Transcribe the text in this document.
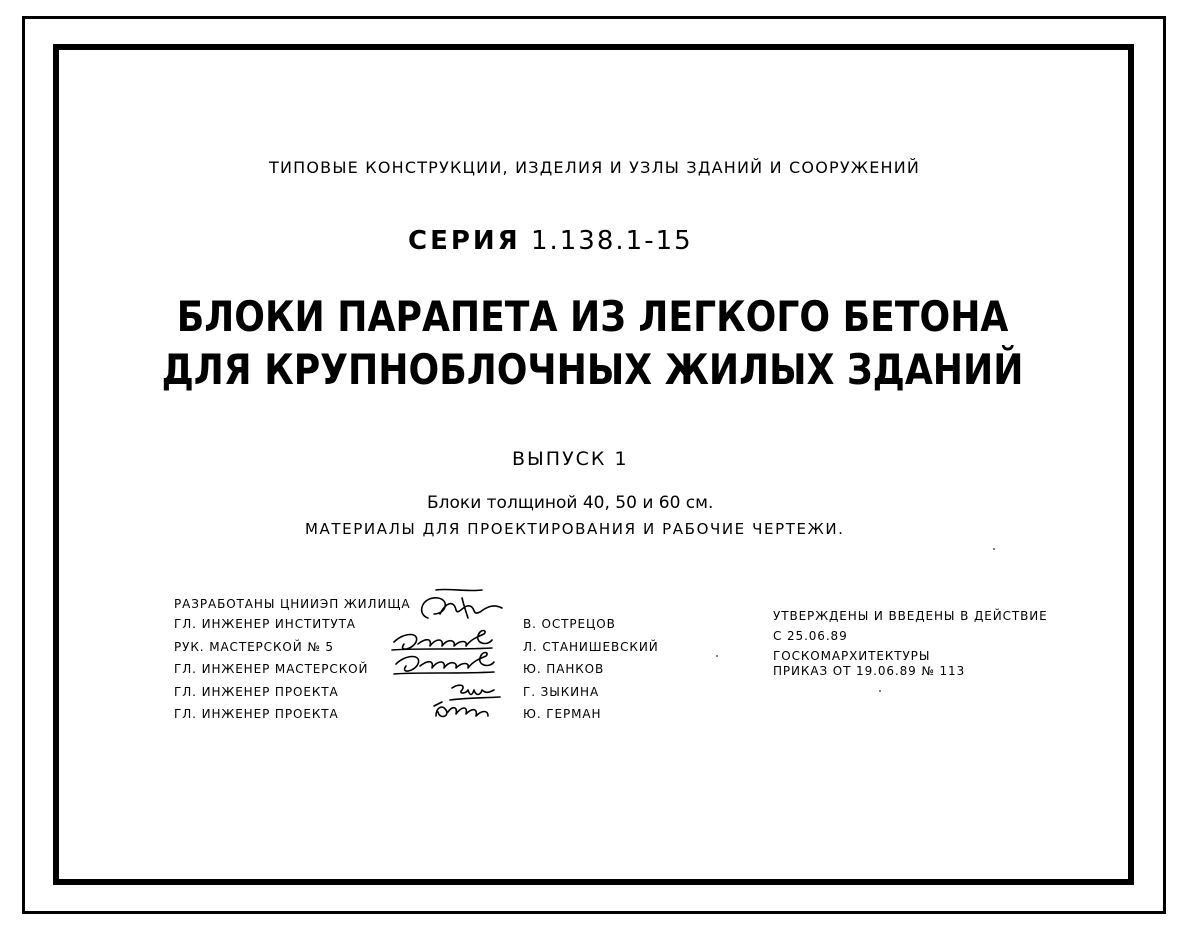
ТИПОВЫЕ КОНСТРУКЦИИ, ИЗДЕЛИЯ И УЗЛЫ ЗДАНИЙ И СООРУЖЕНИЙ
СЕРИЯ 1.138.1-15
БЛОКИ ПАРАПЕТА ИЗ ЛЕГКОГО БЕТОНА
ДЛЯ КРУПНОБЛОЧНЫХ ЖИЛЫХ ЗДАНИЙ
ВЫПУСК 1
Блоки толщиной 40, 50 и 60 см.
МАТЕРИАЛЫ ДЛЯ ПРОЕКТИРОВАНИЯ И РАБОЧИЕ ЧЕРТЕЖИ.
РАЗРАБОТАНЫ ЦНИИЭП ЖИЛИЩА
ГЛ. ИНЖЕНЕР ИНСТИТУТА	В. ОСТРЕЦОВ
РУК. МАСТЕРСКОЙ № 5	Л. СТАНИШЕВСКИЙ
ГЛ. ИНЖЕНЕР МАСТЕРСКОЙ	Ю. ПАНКОВ
ГЛ. ИНЖЕНЕР ПРОЕКТА	Г. ЗЫКИНА
ГЛ. ИНЖЕНЕР ПРОЕКТА	Ю. ГЕРМАН
УТВЕРЖДЕНЫ И ВВЕДЕНЫ В ДЕЙСТВИЕ
С 25.06.89
ГОСКОМАРХИТЕКТУРЫ
ПРИКАЗ ОТ 19.06.89 № 113
